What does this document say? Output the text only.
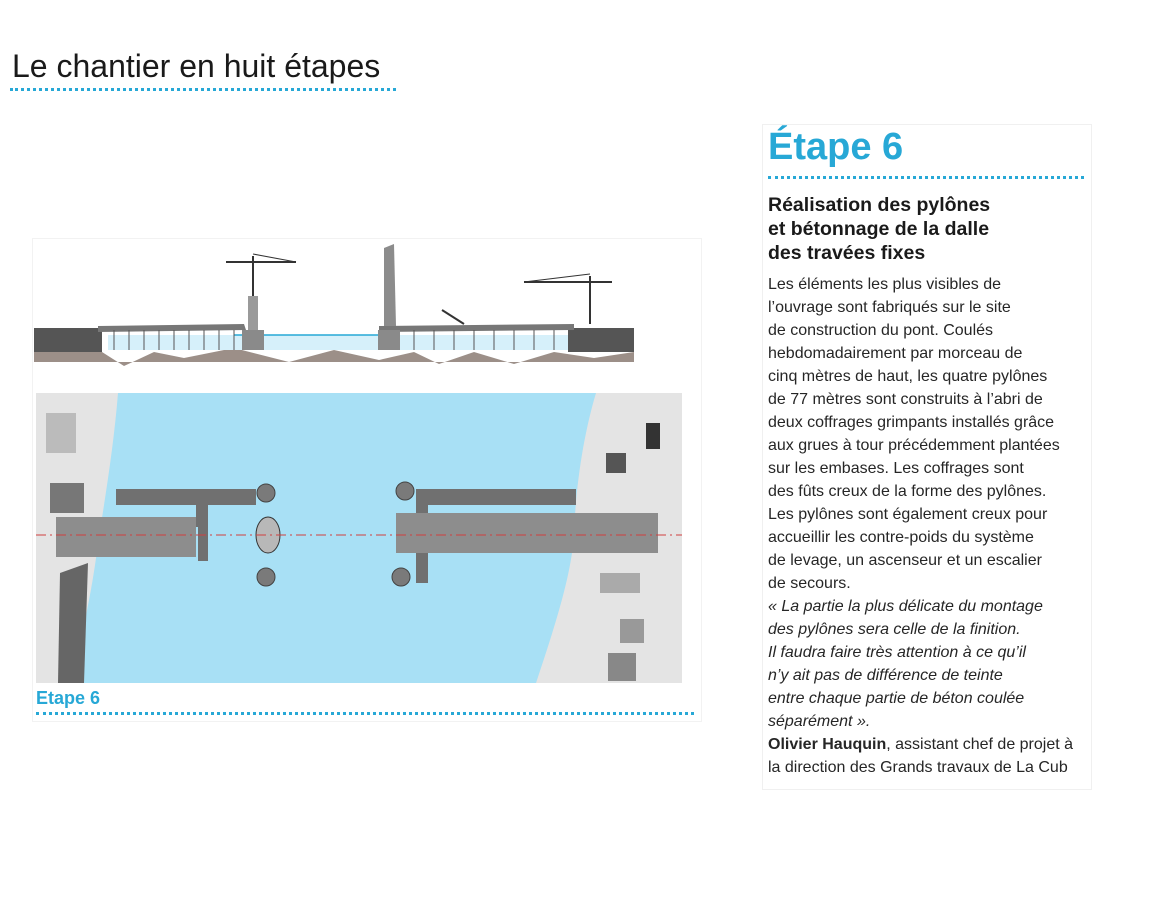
Le chantier en huit étapes
Etape 6
Étape 6
Réalisation des pylônes
et bétonnage de la dalle
des travées fixes
Les éléments les plus visibles de
l’ouvrage sont fabriqués sur le site
de construction du pont. Coulés
hebdomadairement par morceau de
cinq mètres de haut, les quatre pylônes
de 77 mètres sont construits à l’abri de
deux coffrages grimpants installés grâce
aux grues à tour précédemment plantées
sur les embases. Les coffrages sont
des fûts creux de la forme des pylônes.
Les pylônes sont également creux pour
accueillir les contre-poids du système
de levage, un ascenseur et un escalier
de secours.
« La partie la plus délicate du montage
des pylônes sera celle de la finition.
Il faudra faire très attention à ce qu’il
n’y ait pas de différence de teinte
entre chaque partie de béton coulée
séparément ».
Olivier Hauquin, assistant chef de projet à
la direction des Grands travaux de La Cub
